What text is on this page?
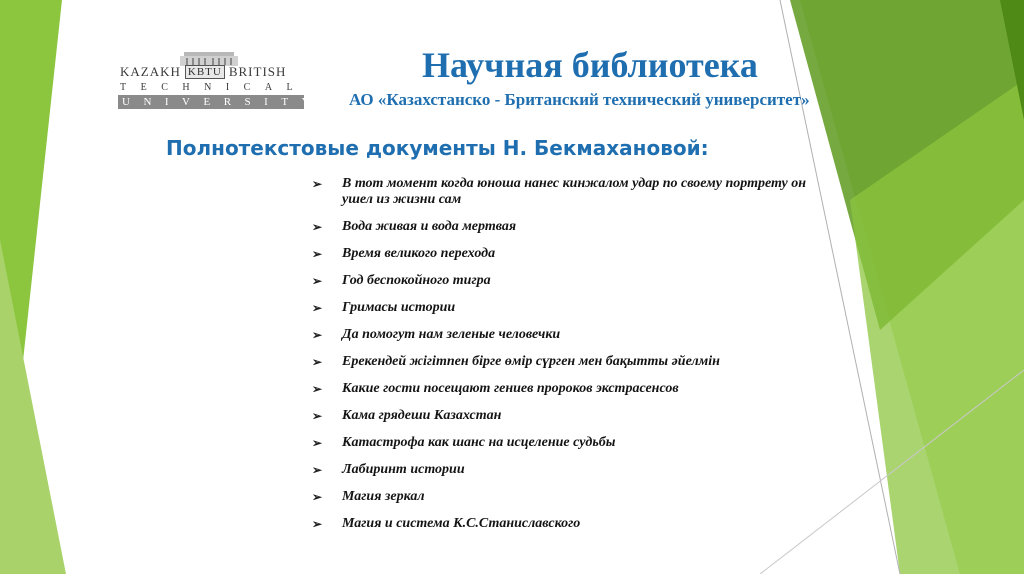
KAZAKH KBTU BRITISH
TECHNICAL
UNIVERSITY
Научная библиотека
АО «Казахстанско - Британский технический университет»
Полнотекстовые документы Н. Бекмахановой:
➢ В тот момент когда юноша нанес кинжалом удар по своему портрету он ушел из жизни сам
➢ Вода живая и вода мертвая
➢ Время великого перехода
➢ Год беспокойного тигра
➢ Гримасы истории
➢ Да помогут нам зеленые человечки
➢ Ерекендей жігітпен бірге өмір сүрген мен бақытты әйелмін
➢ Какие гости посещают гениев пророков экстрасенсов
➢ Кама грядеши Казахстан
➢ Катастрофа как шанс на исцеление судьбы
➢ Лабиринт истории
➢ Магия зеркал
➢ Магия и система К.С.Станиславского
